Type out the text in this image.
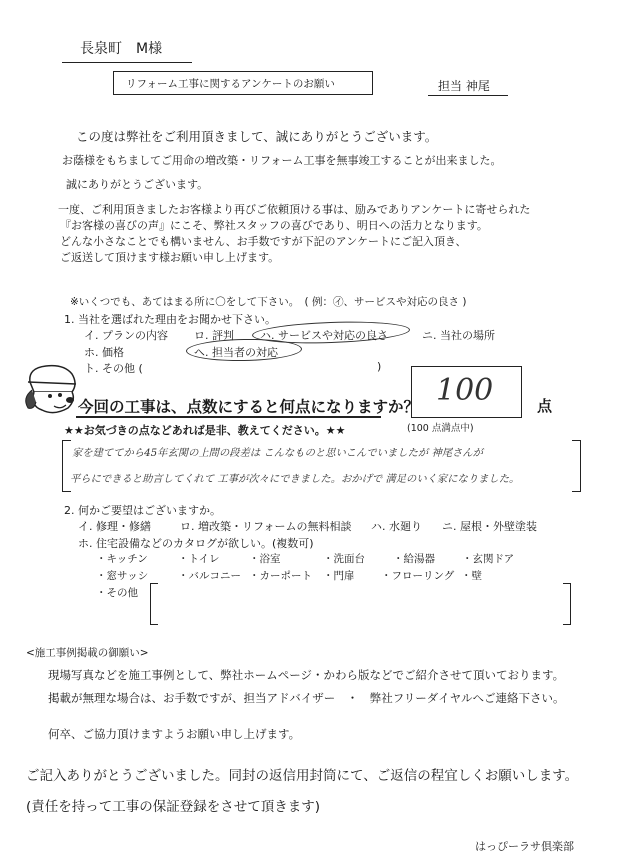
長泉町　M様
リフォーム工事に関するアンケートのお願い	担当 神尾
この度は弊社をご利用頂きまして、誠にありがとうございます。
お蔭様をもちましてご用命の増改築・リフォーム工事を無事竣工することが出来ました。
誠にありがとうございます。
一度、ご利用頂きましたお客様より再びご依頼頂ける事は、励みでありアンケートに寄せられた
『お客様の喜びの声』にこそ、弊社スタッフの喜びであり、明日への活力となります。
どんな小さなことでも構いません、お手数ですが下記のアンケートにご記入頂き、
ご返送して頂けます様お願い申し上げます。
※いくつでも、あてはまる所に〇をして下さい。　( 例：㋑、サービスや対応の良さ )
1. 当社を選ばれた理由をお聞かせ下さい。
イ. プランの内容 ロ. 評判 ハ. サービスや対応の良さ	ニ. 当社の場所
ホ. 価格	ヘ. 担当者の対応
ト. その他 (	)
今回の工事は、点数にすると何点になりますか？ 100	点
(100 点満点中)
★★お気づきの点などあれば是非、教えてください。★★
家を建ててから45年玄関の上間の段差は こんなものと思いこんでいましたが 神尾さんが
平らにできると助言してくれて 工事が次々にできました。おかげで 満足のいく家になりました。
2. 何かご要望はございますか。
イ. 修理・修繕	ロ. 増改築・リフォームの無料相談 ハ. 水廻り ニ. 屋根・外壁塗装
ホ. 住宅設備などのカタログが欲しい。(複数可)
・キッチン	・トイレ	・浴室	・洗面台	・給湯器	・玄関ドア
・窓サッシ	・バルコニー ・カーポート ・門扉	・フローリング ・壁
・その他
<施工事例掲載の御願い>
現場写真などを施工事例として、弊社ホームページ・かわら版などでご紹介させて頂いております。
掲載が無理な場合は、お手数ですが、担当アドバイザー　・　弊社フリーダイヤルへご連絡下さい。
何卒、ご協力頂けますようお願い申し上げます。
ご記入ありがとうございました。同封の返信用封筒にて、ご返信の程宜しくお願いします。
(責任を持って工事の保証登録をさせて頂きます)
はっぴーラサ倶楽部
